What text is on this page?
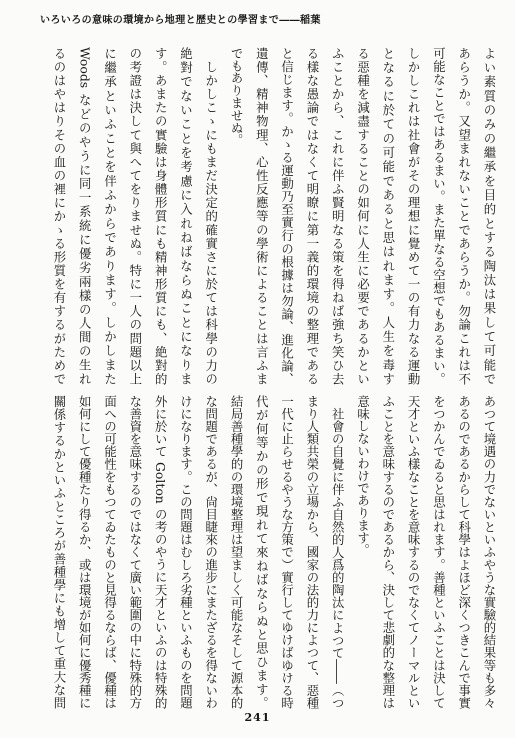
いろいろの意味の環境から地理と歴史との學習まで――稲葉
よい素質のみの繼承を目的とする陶汰は果して可能で
あらうか。又望まれないことであらうか。勿論これは不
可能なことではあるまい。また單なる空想でもあるまい。
しかしこれは社會がその理想に覺めて一の有力なる運動
となるに於ての可能であると思はれます。人生を毒す
る惡種を減盡することの如何に人生に必要であるかとい
ふことから、これに伴ふ賢明なる策を得ねば強ち笑ひ去
る樣な愚論ではなくて明瞭に第一義的環境の整理である
と信じます。かゝる運動乃至實行の根據は勿論、進化論、
遺傳、精神物理、心性反應等の學術によることは言ふま
でもありませぬ。
　しかしこゝにもまだ決定的確實さに於ては科學の力の
絶對でないことを考慮に入れねばならぬことになりま
す。あまたの實驗は身體形質にも精神形質にも、絶對的
の考證は決して與へてをりませぬ。特に一人の問題以上
に繼承といふことを伴ふからであります。しかしまた
Woods などのやうに同一系統に優劣兩樣の人間の生れ
るのはやはりその血の裡にかゝる形質を有するがためで
あつて境遇の力でないといふやうな實驗的結果等も多々
あるのであるからして科學はよほど深くつきこんで事實
をつかんでゐると思はれます。善種といふことは決して
天才といふ樣なことを意味するのでなくてノーマルとい
ふことを意味するのであるから、決して悲劇的な整理は
意味しないわけであります。
　社會の自覺に伴ふ自然的人爲的陶汰によつて――（つ
まり人類共榮の立場から、國家の法的力によつて、惡種
一代に止らせるやうな方策で）實行してゆけばゆける時
代が何等かの形で現れて來ねばならぬと思ひます。
結局善種學的の環境整理は望ましく可能なそして源本的
な問題であるが、尙目睫來の進步にまたざるを得ないわ
けになります。この問題はむしろ劣種といふものを問題
外に於いて Golton の考のやうに天才といふのは特殊的
な善資を意味するのではなくて廣い範圍の中に特殊的方
面への可能性をもつてゐたものと見得るならば、優種は
如何にして優種たり得るか、或は環境が如何に優秀種に
關係するかといふところが善種學にも增して重大な問
241
